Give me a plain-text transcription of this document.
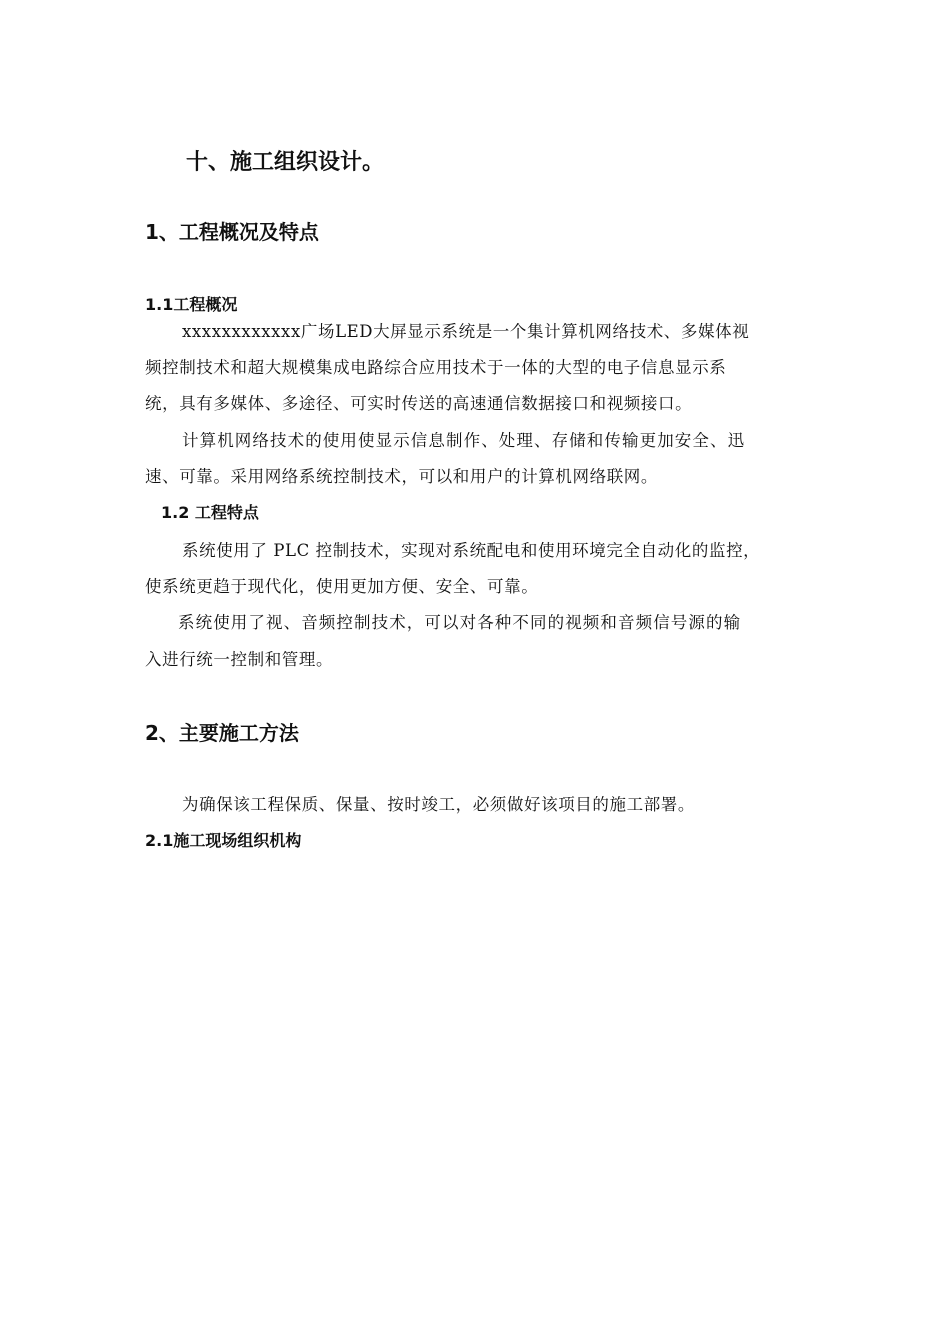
十、施工组织设计。
1、工程概况及特点
1.1工程概况
xxxxxxxxxxxx广场LED大屏显示系统是一个集计算机网络技术、多媒体视
频控制技术和超大规模集成电路综合应用技术于一体的大型的电子信息显示系
统，具有多媒体、多途径、可实时传送的高速通信数据接口和视频接口。
计算机网络技术的使用使显示信息制作、处理、存储和传输更加安全、迅
速、可靠。采用网络系统控制技术，可以和用户的计算机网络联网。
1.2 工程特点
系统使用了 PLC 控制技术，实现对系统配电和使用环境完全自动化的监控，
使系统更趋于现代化，使用更加方便、安全、可靠。
系统使用了视、音频控制技术，可以对各种不同的视频和音频信号源的输
入进行统一控制和管理。
2、主要施工方法
为确保该工程保质、保量、按时竣工，必须做好该项目的施工部署。
2.1施工现场组织机构
